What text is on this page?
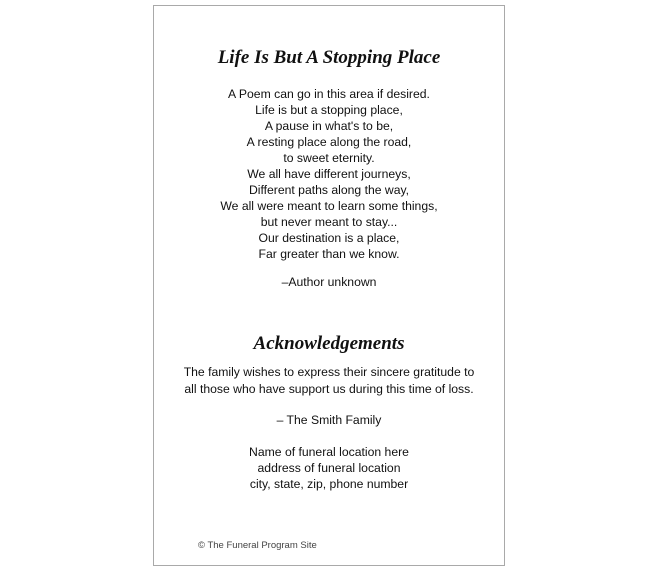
Life Is But A Stopping Place
A Poem can go in this area if desired.
Life is but a stopping place,
A pause in what's to be,
A resting place along the road,
to sweet eternity.
We all have different journeys,
Different paths along the way,
We all were meant to learn some things,
but never meant to stay...
Our destination is a place,
Far greater than we know.
–Author unknown
Acknowledgements
The family wishes to express their sincere gratitude to
all those who have support us during this time of loss.
– The Smith Family
Name of funeral location here
address of funeral location
city, state, zip, phone number
© The Funeral Program Site
